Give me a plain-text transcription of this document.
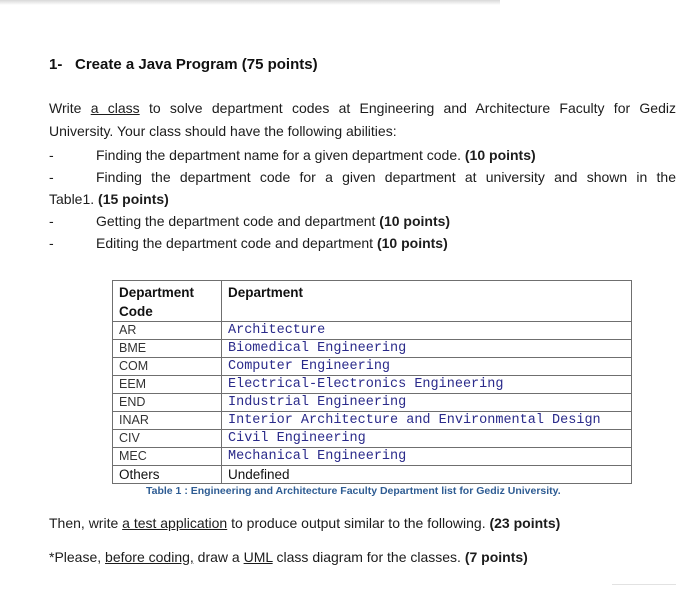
1- Create a Java Program (75 points)
Write a class to solve department codes at Engineering and Architecture Faculty for Gediz
University. Your class should have the following abilities:
-	Finding the department name for a given department code. (10 points)
-	Finding the department code for a given department at university and shown in the
Table1. (15 points)
-	Getting the department code and department (10 points)
-	Editing the department code and department (10 points)
Department Code	Department
AR	Architecture
BME	Biomedical Engineering
COM	Computer Engineering
EEM	Electrical-Electronics Engineering
END	Industrial Engineering
INAR	Interior Architecture and Environmental Design
CIV	Civil Engineering
MEC	Mechanical Engineering
Others	Undefined
Table 1 : Engineering and Architecture Faculty Department list for Gediz University.
Then, write a test application to produce output similar to the following. (23 points)
*Please, before coding, draw a UML class diagram for the classes. (7 points)
